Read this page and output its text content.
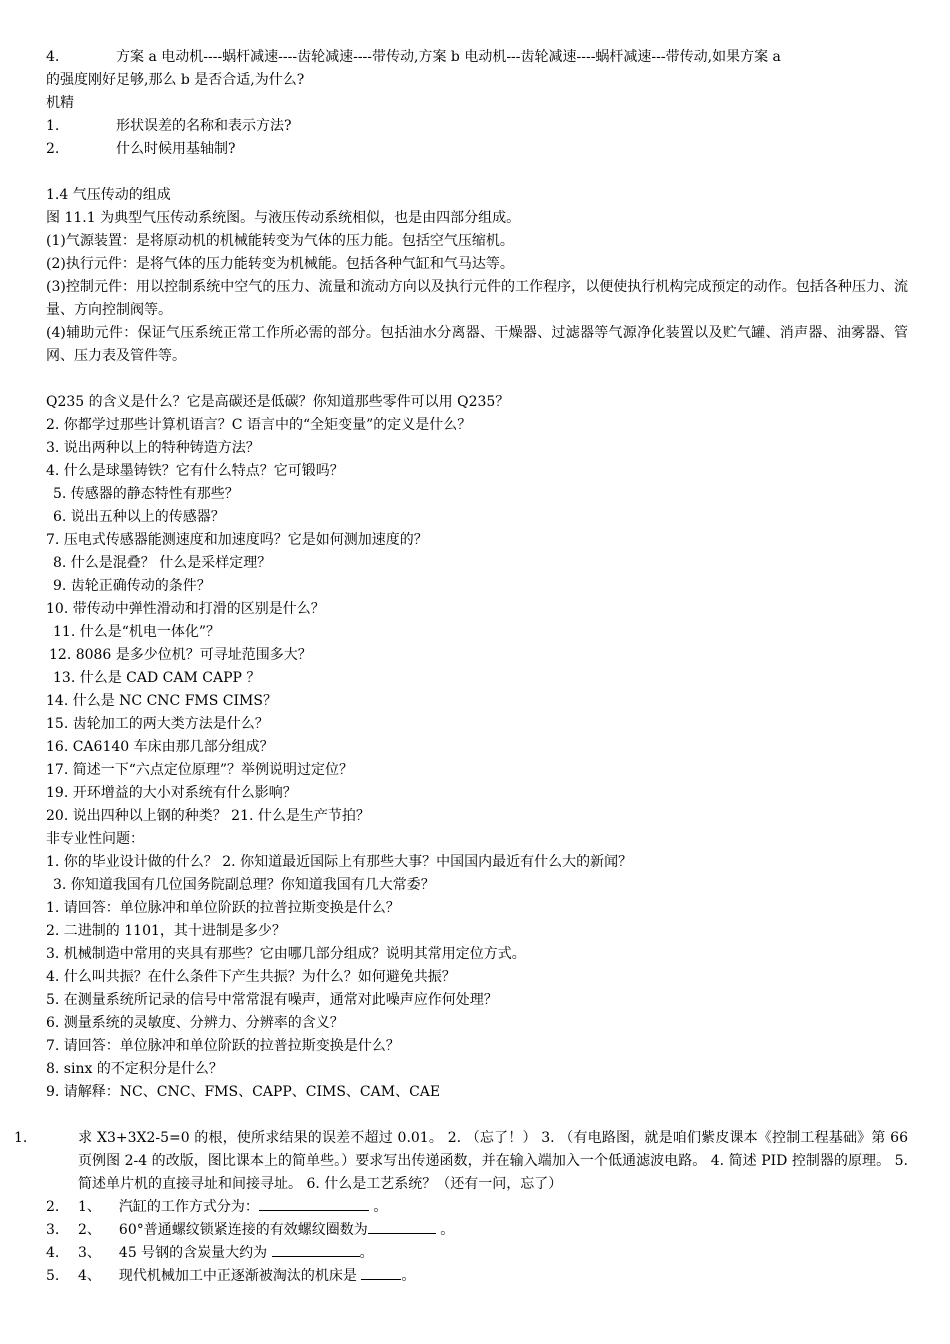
4.	方案 a 电动机----蜗杆减速----齿轮减速----带传动,方案 b 电动机---齿轮减速----蜗杆减速---带传动,如果方案 a
的强度刚好足够,那么 b 是否合适,为什么?
机精
1.	形状误差的名称和表示方法?
2.	什么时候用基轴制?
1.4 气压传动的组成
图 11.1 为典型气压传动系统图。与液压传动系统相似，也是由四部分组成。
(1)气源装置：是将原动机的机械能转变为气体的压力能。包括空气压缩机。
(2)执行元件：是将气体的压力能转变为机械能。包括各种气缸和气马达等。
(3)控制元件：用以控制系统中空气的压力、流量和流动方向以及执行元件的工作程序，以便使执行机构完成预定的动作。包括各种压力、流量、方向控制阀等。
(4)辅助元件：保证气压系统正常工作所必需的部分。包括油水分离器、干燥器、过滤器等气源净化装置以及贮气罐、消声器、油雾器、管网、压力表及管件等。
Q235 的含义是什么？它是高碳还是低碳？你知道那些零件可以用 Q235？
2. 你都学过那些计算机语言？C 语言中的“全矩变量”的定义是什么？
3. 说出两种以上的特种铸造方法？
4. 什么是球墨铸铁？它有什么特点？它可锻吗？
5. 传感器的静态特性有那些？
6. 说出五种以上的传感器？
7. 压电式传感器能测速度和加速度吗？它是如何测加速度的？
8. 什么是混叠？ 什么是采样定理？
9. 齿轮正确传动的条件？
10. 带传动中弹性滑动和打滑的区别是什么？
11. 什么是“机电一体化”？
12. 8086 是多少位机？可寻址范围多大？
13. 什么是 CAD CAM CAPP ？
14. 什么是 NC CNC FMS CIMS？
15. 齿轮加工的两大类方法是什么？
16. CA6140 车床由那几部分组成？
17. 简述一下“六点定位原理”？举例说明过定位？
19. 开环增益的大小对系统有什么影响？
20. 说出四种以上钢的种类？ 21. 什么是生产节拍？
非专业性问题：
1. 你的毕业设计做的什么？ 2. 你知道最近国际上有那些大事？中国国内最近有什么大的新闻？
3. 你知道我国有几位国务院副总理？你知道我国有几大常委？
1. 请回答：单位脉冲和单位阶跃的拉普拉斯变换是什么？
2. 二进制的 1101，其十进制是多少？
3. 机械制造中常用的夹具有那些？它由哪几部分组成？说明其常用定位方式。
4. 什么叫共振？在什么条件下产生共振？为什么？如何避免共振？
5. 在测量系统所记录的信号中常常混有噪声，通常对此噪声应作何处理？
6. 测量系统的灵敏度、分辨力、分辨率的含义？
7. 请回答：单位脉冲和单位阶跃的拉普拉斯变换是什么？
8. sinx 的不定积分是什么？
9. 请解释：NC、CNC、FMS、CAPP、CIMS、CAM、CAE
1.	求 X3+3X2-5=0 的根，使所求结果的误差不超过 0.01。 2. （忘了！） 3. （有电路图，就是咱们紫皮课本《控制工程基础》第 66 页例图 2-4 的改版，图比课本上的简单些。）要求写出传递函数，并在输入端加入一个低通滤波电路。 4. 简述 PID 控制器的原理。 5. 简述单片机的直接寻址和间接寻址。 6. 什么是工艺系统？（还有一问，忘了）
2. 1、 汽缸的工作方式分为：	。
3. 2、 60°普通螺纹锁紧连接的有效螺纹圈数为	。
4. 3、 45 号钢的含炭量大约为	。
5. 4、 现代机械加工中正逐渐被淘汰的机床是	。
